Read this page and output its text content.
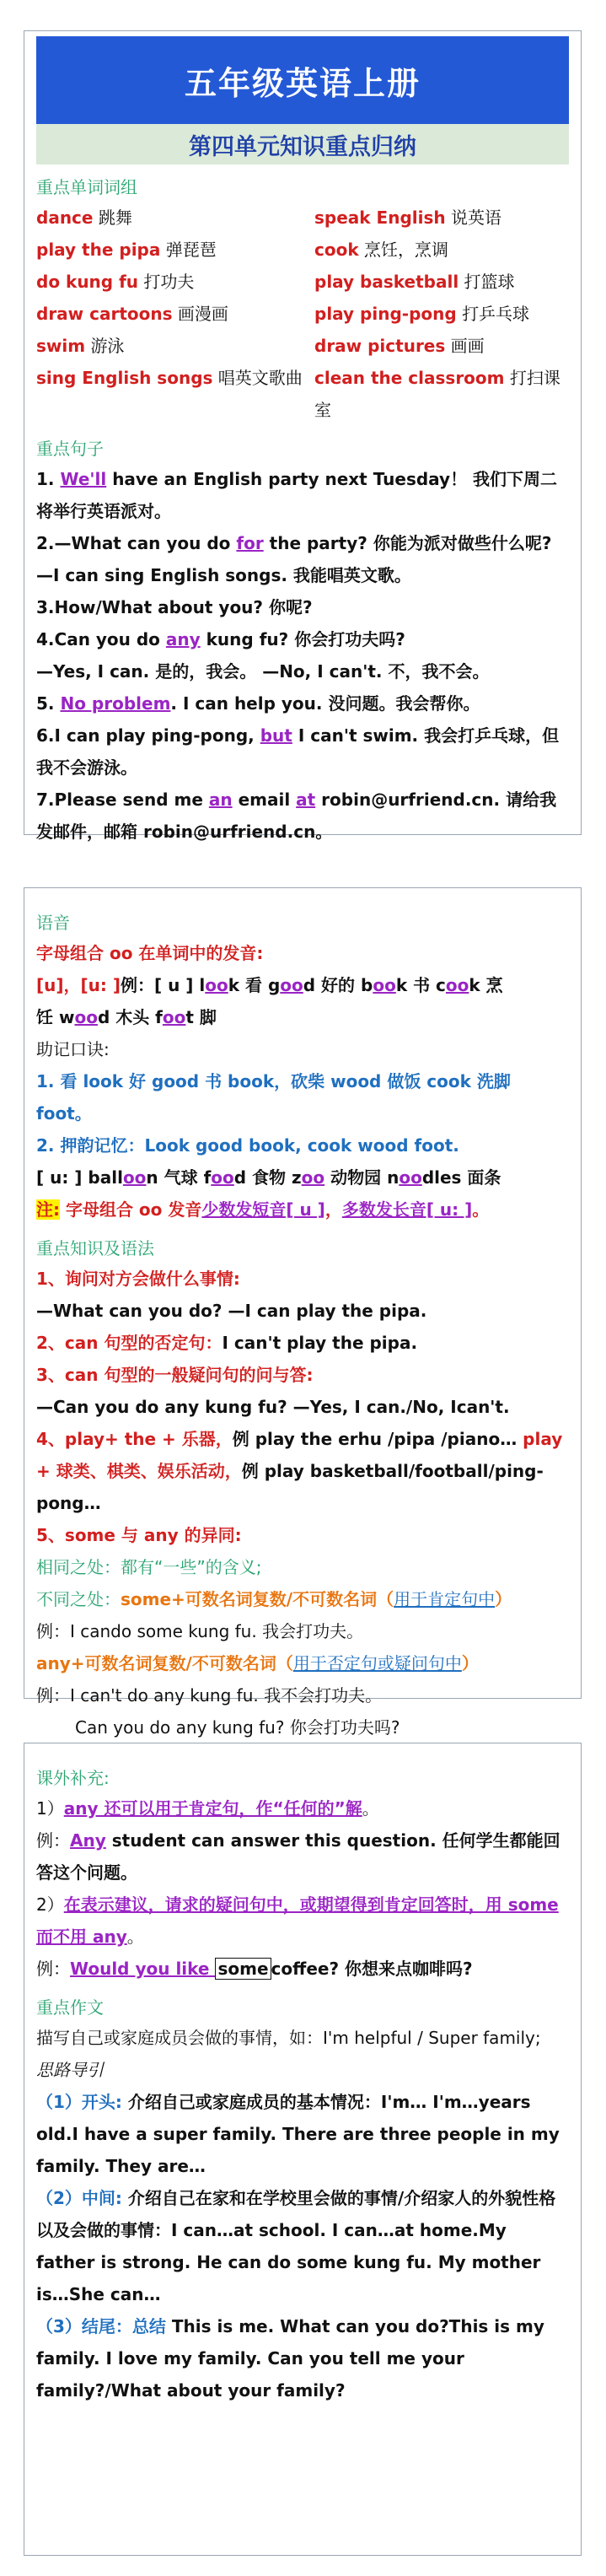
五年级英语上册
第四单元知识重点归纳
重点单词词组
dance 跳舞	speak English 说英语
play the pipa 弹琵琶	cook 烹饪，烹调
do kung fu 打功夫	play basketball 打篮球
draw cartoons 画漫画	play ping-pong 打乒乓球
swim 游泳	draw pictures 画画
sing English songs 唱英文歌曲 clean the classroom 打扫课室
重点句子

1. We'll have an English party next Tuesday！ 我们下周二将举行英语派对。

2.—What can you do for the party? 你能为派对做些什么呢?

—I can sing English songs. 我能唱英文歌。

3.How/What about you? 你呢?

4.Can you do any kung fu? 你会打功夫吗?

—Yes, I can. 是的，我会。 —No, I can't. 不，我不会。

5. No problem. I can help you. 没问题。我会帮你。

6.I can play ping-pong, but I can't swim. 我会打乒乓球，但我不会游泳。

7.Please send me an email at robin@urfriend.cn. 请给我发邮件，邮箱 robin@urfriend.cn。

语音

字母组合 oo 在单词中的发音:

[u]，[u: ]例：[ u ] look 看 good 好的 book 书 cook 烹

饪 wood 木头 foot 脚

助记口诀:

1. 看 look 好 good 书 book，砍柴 wood 做饭 cook 洗脚 foot。

2. 押韵记忆：Look good book, cook wood foot.

[ u: ] balloon 气球 food 食物 zoo 动物园 noodles 面条

注: 字母组合 oo 发音少数发短音[ u ]，多数发长音[ u: ]。

重点知识及语法

1、询问对方会做什么事情:

—What can you do? —I can play the pipa.

2、can 句型的否定句：I can't play the pipa.

3、can 句型的一般疑问句的问与答:

—Can you do any kung fu? —Yes, I can./No, Ican't.

4、play+ the + 乐器，例 play the erhu /pipa /piano… play + 球类、棋类、娱乐活动，例 play basketball/football/ping-pong…

5、some 与 any 的异同:

相同之处：都有“一些”的含义;

不同之处：some+可数名词复数/不可数名词（用于肯定句中）

例：I cando some kung fu. 我会打功夫。

any+可数名词复数/不可数名词（用于否定句或疑问句中）

例：I can't do any kung fu. 我不会打功夫。

Can you do any kung fu? 你会打功夫吗?

课外补充:

1）any 还可以用于肯定句，作“任何的”解。

例：Any student can answer this question. 任何学生都能回答这个问题。

2）在表示建议，请求的疑问句中，或期望得到肯定回答时，用 some 而不用 any。

例：Would you like some coffee? 你想来点咖啡吗?

重点作文

描写自己或家庭成员会做的事情，如：I'm helpful / Super family;

思路导引

（1）开头: 介绍自己或家庭成员的基本情况：I'm… I'm…years old.I have a super family. There are three people in my family. They are…

（2）中间: 介绍自己在家和在学校里会做的事情/介绍家人的外貌性格以及会做的事情：I can…at school. I can…at home.My father is strong. He can do some kung fu. My mother is…She can…

（3）结尾：总结 This is me. What can you do?This is my family. I love my family. Can you tell me your family?/What about your family?
